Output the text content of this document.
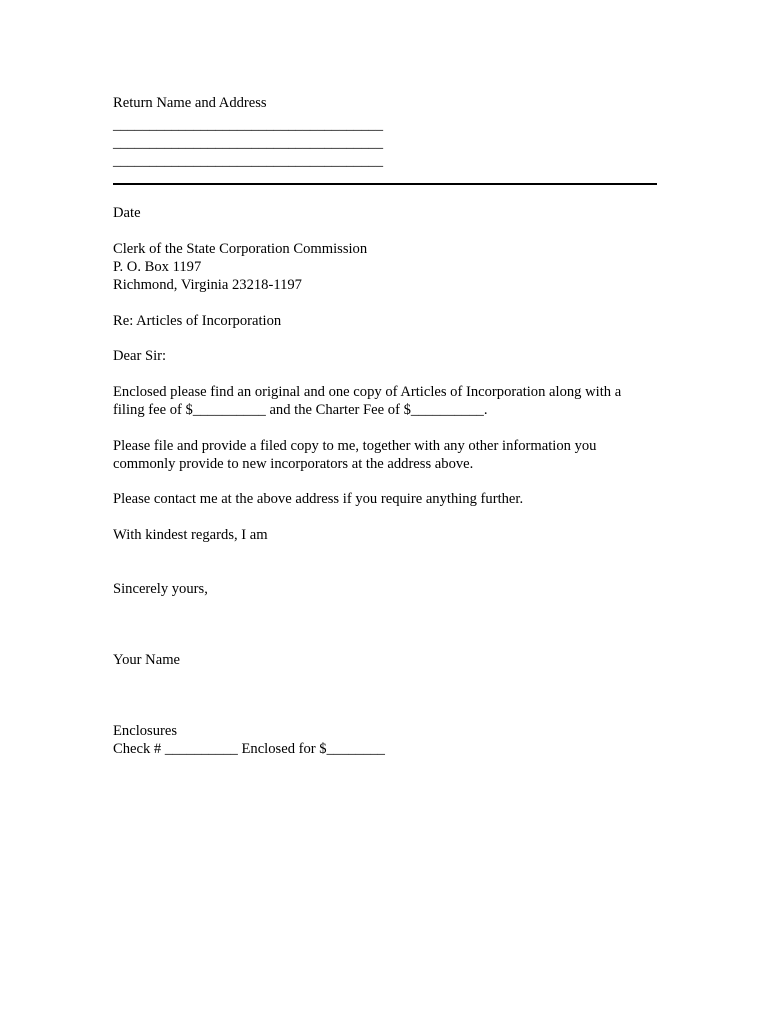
Return Name and Address
_____________________________________
_____________________________________
_____________________________________
Date
Clerk of the State Corporation Commission
P. O. Box 1197
Richmond, Virginia 23218-1197
Re: Articles of Incorporation
Dear Sir:
Enclosed please find an original and one copy of Articles of Incorporation along with a
filing fee of $__________ and the Charter Fee of $__________.
Please file and provide a filed copy to me, together with any other information you
commonly provide to new incorporators at the address above.
Please contact me at the above address if you require anything further.
With kindest regards, I am
Sincerely yours,
Your Name
Enclosures
Check # __________ Enclosed for $________
